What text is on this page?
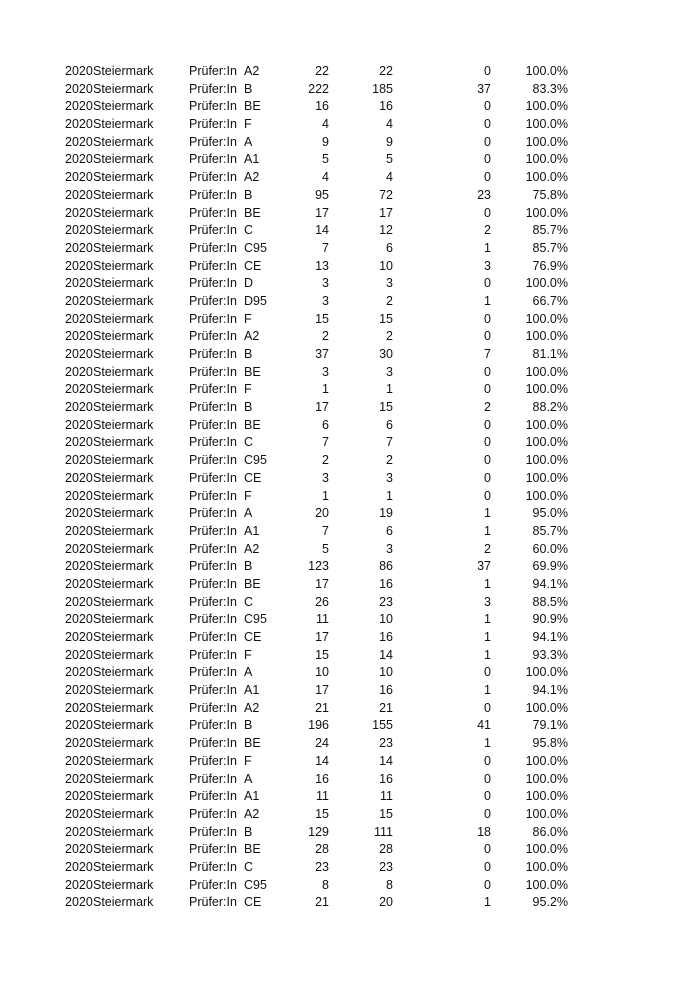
2020 Steiermark	Prüfer:In A2	22	22	0	100.0%
2020 Steiermark	Prüfer:In B	222	185	37	83.3%
2020 Steiermark	Prüfer:In BE	16	16	0	100.0%
2020 Steiermark	Prüfer:In F	4	4	0	100.0%
2020 Steiermark	Prüfer:In A	9	9	0	100.0%
2020 Steiermark	Prüfer:In A1	5	5	0	100.0%
2020 Steiermark	Prüfer:In A2	4	4	0	100.0%
2020 Steiermark	Prüfer:In B	95	72	23	75.8%
2020 Steiermark	Prüfer:In BE	17	17	0	100.0%
2020 Steiermark	Prüfer:In C	14	12	2	85.7%
2020 Steiermark	Prüfer:In C95	7	6	1	85.7%
2020 Steiermark	Prüfer:In CE	13	10	3	76.9%
2020 Steiermark	Prüfer:In D	3	3	0	100.0%
2020 Steiermark	Prüfer:In D95	3	2	1	66.7%
2020 Steiermark	Prüfer:In F	15	15	0	100.0%
2020 Steiermark	Prüfer:In A2	2	2	0	100.0%
2020 Steiermark	Prüfer:In B	37	30	7	81.1%
2020 Steiermark	Prüfer:In BE	3	3	0	100.0%
2020 Steiermark	Prüfer:In F	1	1	0	100.0%
2020 Steiermark	Prüfer:In B	17	15	2	88.2%
2020 Steiermark	Prüfer:In BE	6	6	0	100.0%
2020 Steiermark	Prüfer:In C	7	7	0	100.0%
2020 Steiermark	Prüfer:In C95	2	2	0	100.0%
2020 Steiermark	Prüfer:In CE	3	3	0	100.0%
2020 Steiermark	Prüfer:In F	1	1	0	100.0%
2020 Steiermark	Prüfer:In A	20	19	1	95.0%
2020 Steiermark	Prüfer:In A1	7	6	1	85.7%
2020 Steiermark	Prüfer:In A2	5	3	2	60.0%
2020 Steiermark	Prüfer:In B	123	86	37	69.9%
2020 Steiermark	Prüfer:In BE	17	16	1	94.1%
2020 Steiermark	Prüfer:In C	26	23	3	88.5%
2020 Steiermark	Prüfer:In C95	11	10	1	90.9%
2020 Steiermark	Prüfer:In CE	17	16	1	94.1%
2020 Steiermark	Prüfer:In F	15	14	1	93.3%
2020 Steiermark	Prüfer:In A	10	10	0	100.0%
2020 Steiermark	Prüfer:In A1	17	16	1	94.1%
2020 Steiermark	Prüfer:In A2	21	21	0	100.0%
2020 Steiermark	Prüfer:In B	196	155	41	79.1%
2020 Steiermark	Prüfer:In BE	24	23	1	95.8%
2020 Steiermark	Prüfer:In F	14	14	0	100.0%
2020 Steiermark	Prüfer:In A	16	16	0	100.0%
2020 Steiermark	Prüfer:In A1	11	11	0	100.0%
2020 Steiermark	Prüfer:In A2	15	15	0	100.0%
2020 Steiermark	Prüfer:In B	129	111	18	86.0%
2020 Steiermark	Prüfer:In BE	28	28	0	100.0%
2020 Steiermark	Prüfer:In C	23	23	0	100.0%
2020 Steiermark	Prüfer:In C95	8	8	0	100.0%
2020 Steiermark	Prüfer:In CE	21	20	1	95.2%
